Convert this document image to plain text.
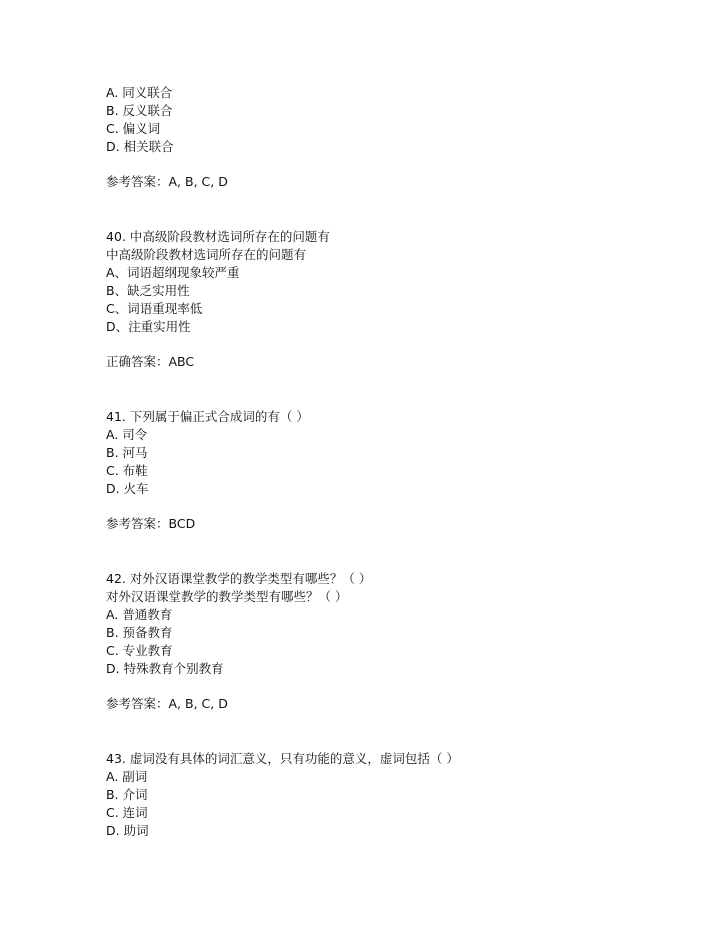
A. 同义联合
B. 反义联合
C. 偏义词
D. 相关联合
参考答案：A, B, C, D
40. 中高级阶段教材选词所存在的问题有
中高级阶段教材选词所存在的问题有
A、词语超纲现象较严重
B、缺乏实用性
C、词语重现率低
D、注重实用性
正确答案：ABC
41. 下列属于偏正式合成词的有（ ）
A. 司令
B. 河马
C. 布鞋
D. 火车
参考答案：BCD
42. 对外汉语课堂教学的教学类型有哪些？（ ）
对外汉语课堂教学的教学类型有哪些？（ ）
A. 普通教育
B. 预备教育
C. 专业教育
D. 特殊教育个别教育
参考答案：A, B, C, D
43. 虚词没有具体的词汇意义，只有功能的意义，虚词包括（ ）
A. 副词
B. 介词
C. 连词
D. 助词
